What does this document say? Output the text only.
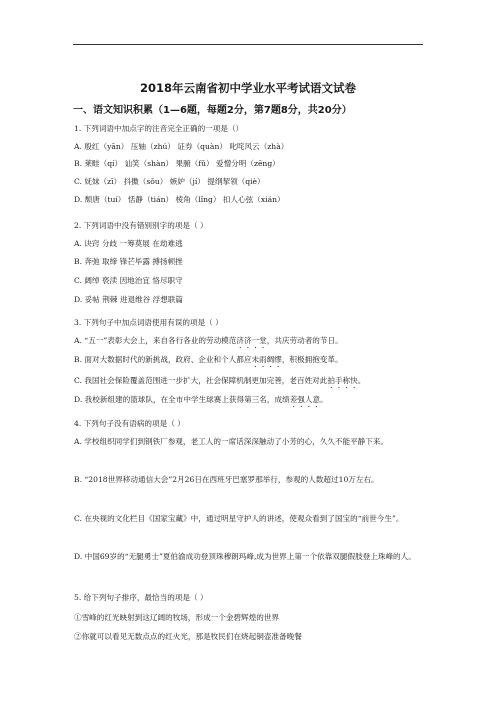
2018年云南省初中学业水平考试语文试卷
一、语文知识积累（1—6题，每题2分，第7题8分，共20分）
1. 下列词语中加点字的注音完全正确的一项是（）
A. 殷红（yān） 压轴（zhú） 证券（quàn） 叱咤风云（zhà）
B. 莱畦（qí） 讪笑（shàn） 果腑（fǔ） 爱憎分明（zēng）
C. 妩妹（zī） 抖擞（sǒu） 嫉妒（jí） 提纲挈领（qiè）
D. 颓唐（tuí） 恬静（tián） 棱角（lǐng） 扣人心弦（xián）
2. 下列词语中没有错别别字的项是（ ）
A. 诀窍 分歧 一筹莫展 在劫难逃
B. 奔弛 取缔 锋芒毕露 搏扬顿挫
C. 阔绰 亵渎 因地治宜 恪尽职守
D. 妥帖 荆棘 进退维谷 浮想联篇
3. 下列句子中加点词语使用有误的项是（ ）
A. “五一”表彰大会上，来自各行各业的劳动模范济济一堂，共庆劳动者的节日。
B. 面对大数据时代的新挑战，政府、企业和个人都应未雨绸缪，积极拥抱变革。
C. 我国社会保险覆盖范围进一步扩大，社会保障机制更加完善，老百姓对此拍手称快。
D. 我校新组建的篮球队，在全市中学生球赛上获得第三名，成绩差强人意。
4. 下列句子没有语病的项是（ ）
A. 学校组织同学们到钢铁厂参观，老工人的一席话深深触动了小芳的心，久久不能平静下来。
B. “2018世界移动通信大会”2月26日在西班牙巴塞罗那举行，参观的人数超过10万左右。
C. 在央视的文化栏目《国家宝藏》中，通过明星守护人的讲述，使观众看到了国宝的“前世今生”。
D. 中国69岁的“无腿勇士”夏伯渝成功登顶珠穆朗玛峰,成为世界上第一个依靠双腿假肢登上珠峰的人。
5. 给下列句子排序，最恰当的项是（ ）
①雪峰的红光映射到这辽阔的牧场，形成一个金碧辉煌的世界
②你就可以看见无数点点的红火光，那是牧民们在烧起铜壶准备晚餐
